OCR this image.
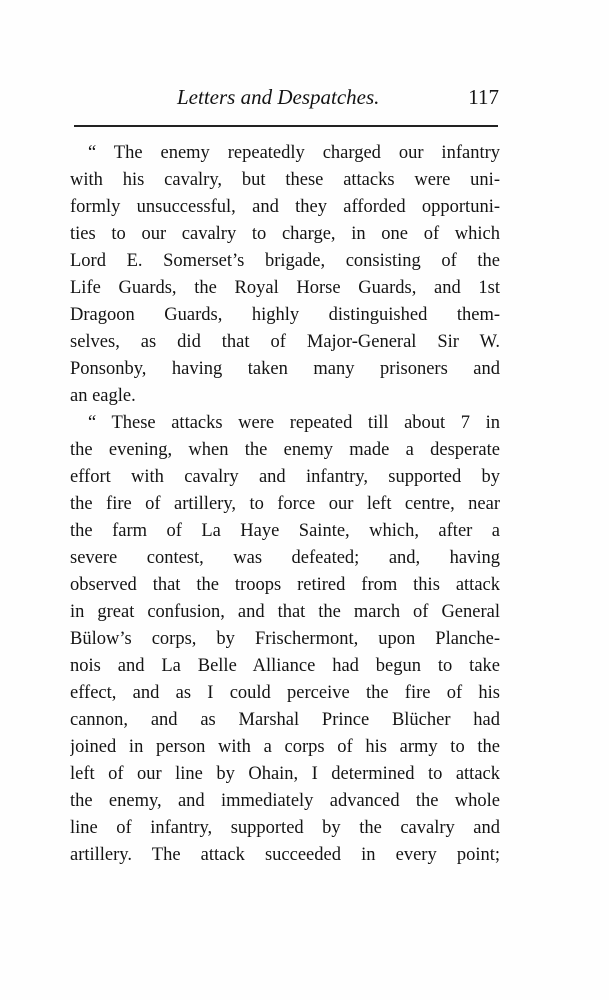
Letters and Despatches.	117
“ The enemy repeatedly charged our infantry
with his cavalry, but these attacks were uni-
formly unsuccessful, and they afforded opportuni-
ties to our cavalry to charge, in one of which
Lord E. Somerset’s brigade, consisting of the
Life Guards, the Royal Horse Guards, and 1st
Dragoon Guards, highly distinguished them-
selves, as did that of Major-General Sir W.
Ponsonby, having taken many prisoners and
an eagle.
“ These attacks were repeated till about 7 in
the evening, when the enemy made a desperate
effort with cavalry and infantry, supported by
the fire of artillery, to force our left centre, near
the farm of La Haye Sainte, which, after a
severe contest, was defeated; and, having
observed that the troops retired from this attack
in great confusion, and that the march of General
Bülow’s corps, by Frischermont, upon Planche-
nois and La Belle Alliance had begun to take
effect, and as I could perceive the fire of his
cannon, and as Marshal Prince Blücher had
joined in person with a corps of his army to the
left of our line by Ohain, I determined to attack
the enemy, and immediately advanced the whole
line of infantry, supported by the cavalry and
artillery. The attack succeeded in every point;
